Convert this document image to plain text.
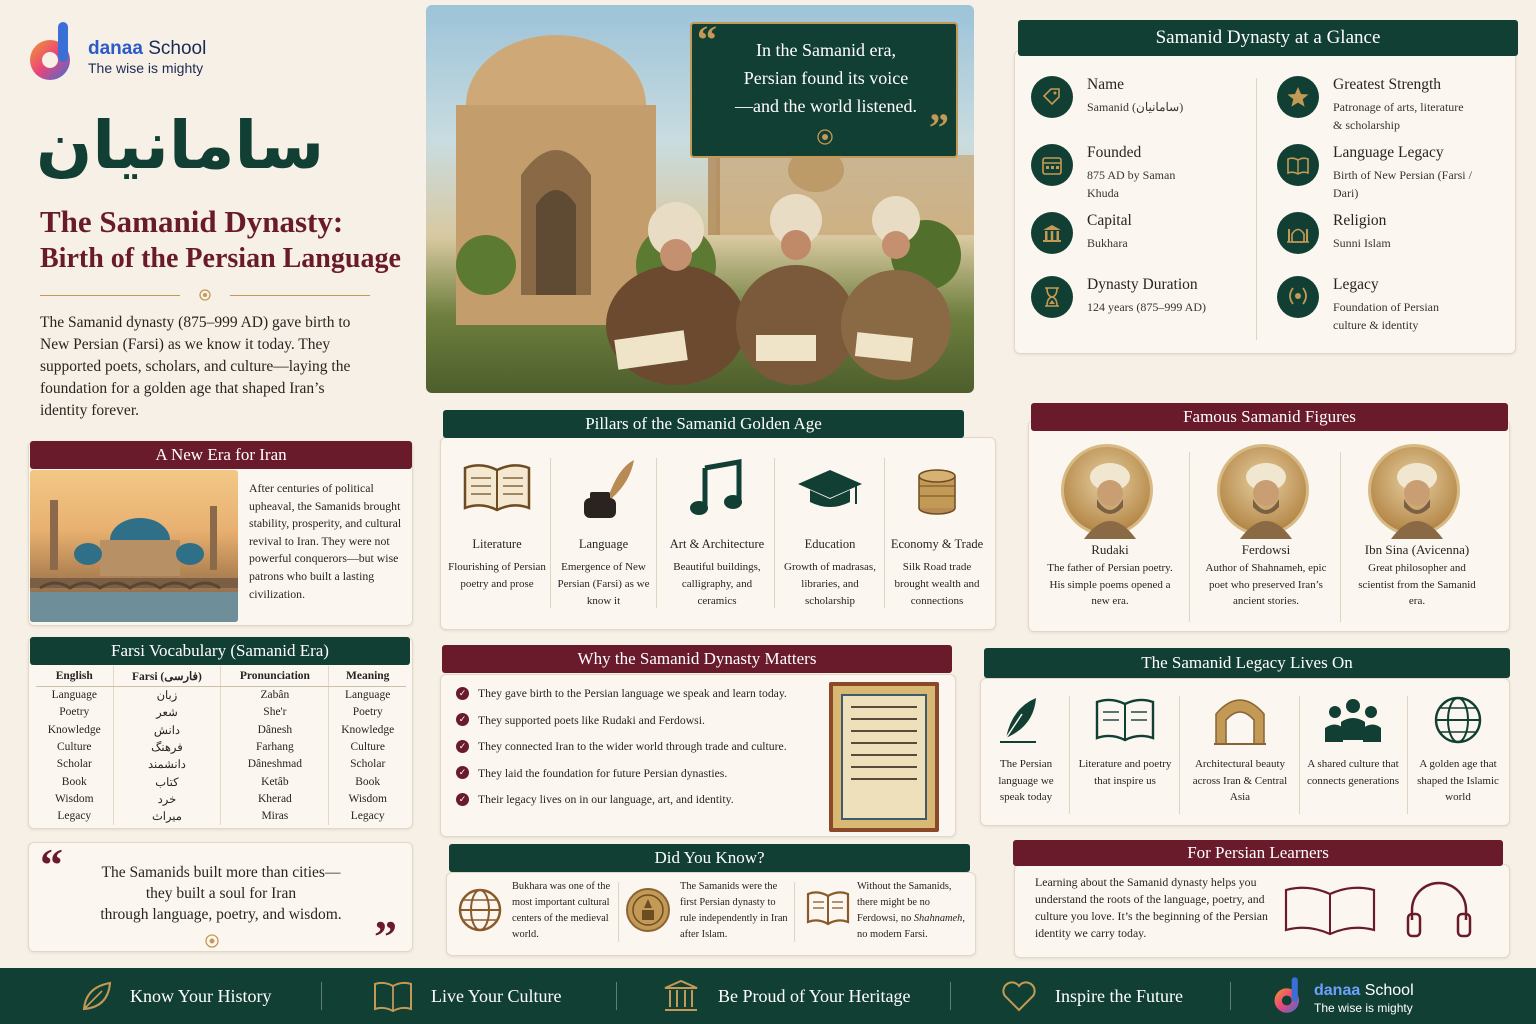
danaa School
The wise is mighty
سامانیان
The Samanid Dynasty:
Birth of the Persian Language
The Samanid dynasty (875–999 AD) gave birth to New Persian (Farsi) as we know it today. They supported poets, scholars, and culture—laying the foundation for a golden age that shaped Iran’s identity forever.
A New Era for Iran
After centuries of political upheaval, the Samanids brought stability, prosperity, and cultural revival to Iran. They were not powerful conquerors—but wise patrons who built a lasting civilization.
Farsi Vocabulary (Samanid Era)
English	Farsi (فارسی)	Pronunciation	Meaning
Language	زبان	Zabân	Language
Poetry	شعر	She'r	Poetry
Knowledge	دانش	Dânesh	Knowledge
Culture	فرهنگ	Farhang	Culture
Scholar	دانشمند	Dâneshmad	Scholar
Book	کتاب	Ketâb	Book
Wisdom	خرد	Kherad	Wisdom
Legacy	میراث	Miras	Legacy
“	The Samanids built more than cities—
they built a soul for Iran
through language, poetry, and wisdom. ”
“	In the Samanid era,
Persian found its voice
—and the world listened. ”
Pillars of the Samanid Golden Age
Literature
Flourishing of Persian poetry and prose
Language
Emergence of New Persian (Farsi) as we know it
Art & Architecture
Beautiful buildings, calligraphy, and ceramics
Education
Growth of madrasas, libraries, and scholarship
Economy & Trade
Silk Road trade brought wealth and connections
Why the Samanid Dynasty Matters
✓ They gave birth to the Persian language we speak and learn today.
✓ They supported poets like Rudaki and Ferdowsi.
✓ They connected Iran to the wider world through trade and culture.
✓ They laid the foundation for future Persian dynasties.
✓ Their legacy lives on in our language, art, and identity.
Did You Know?
Bukhara was one of the most important cultural centers of the medieval world.
The Samanids were the first Persian dynasty to rule independently in Iran after Islam.
Without the Samanids, there might be no Ferdowsi, no Shahnameh, no modern Farsi.
Samanid Dynasty at a Glance
Name
Samanid (سامانیان)
Founded
875 AD by Saman Khuda
Capital
Bukhara
Dynasty Duration
124 years (875–999 AD)
Greatest Strength
Patronage of arts, literature & scholarship
Language Legacy
Birth of New Persian (Farsi / Dari)
Religion
Sunni Islam
Legacy
Foundation of Persian culture & identity
Famous Samanid Figures
Rudaki
The father of Persian poetry. His simple poems opened a new era.
Ferdowsi
Author of Shahnameh, epic poet who preserved Iran’s ancient stories.
Ibn Sina (Avicenna)
Great philosopher and scientist from the Samanid era.
The Samanid Legacy Lives On
The Persian language we speak today
Literature and poetry that inspire us
Architectural beauty across Iran & Central Asia
A shared culture that connects generations
A golden age that shaped the Islamic world
For Persian Learners
Learning about the Samanid dynasty helps you understand the roots of the language, poetry, and culture you love. It’s the beginning of the Persian identity we carry today.
Know Your History	Live Your Culture	Be Proud of Your Heritage	Inspire the Future	danaa School
The wise is mighty
